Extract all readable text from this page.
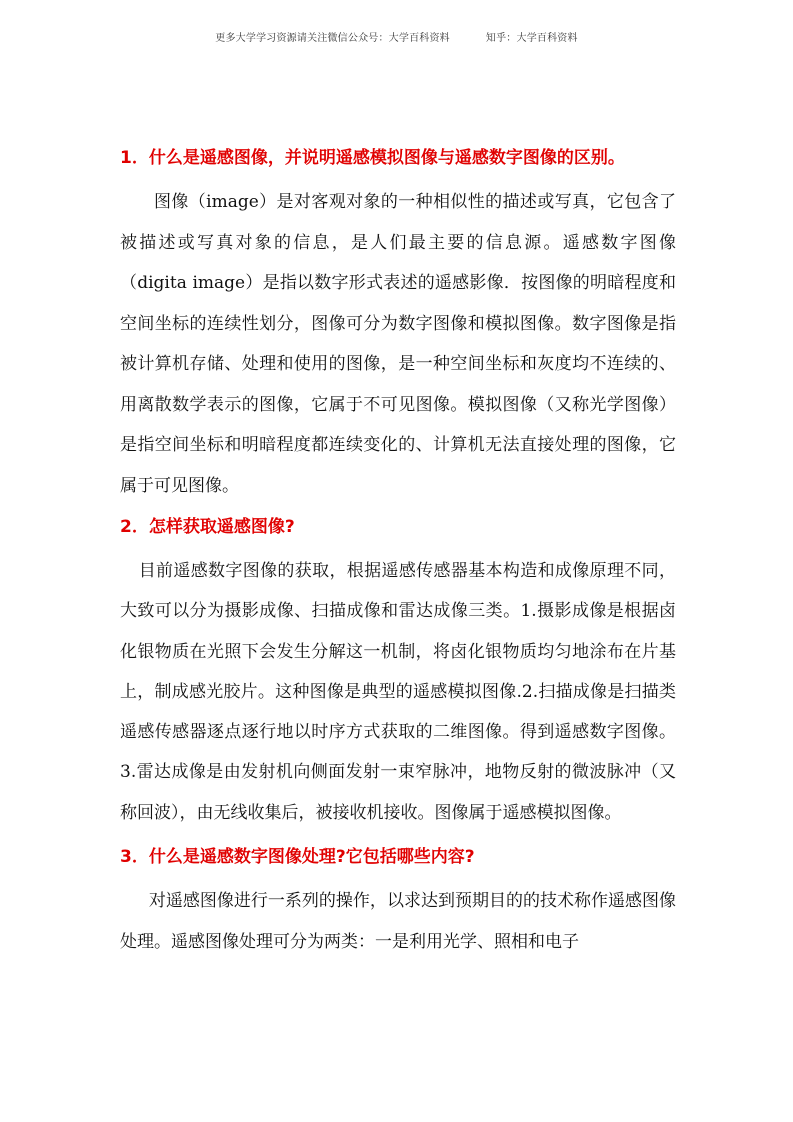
更多大学学习资源请关注微信公众号：大学百科资料	知乎：大学百科资料
1．什么是遥感图像，并说明遥感模拟图像与遥感数字图像的区别。

图像（image）是对客观对象的一种相似性的描述或写真，它包含了被描述或写真对象的信息，是人们最主要的信息源。遥感数字图像（digita image）是指以数字形式表述的遥感影像．按图像的明暗程度和空间坐标的连续性划分，图像可分为数字图像和模拟图像。数字图像是指被计算机存储、处理和使用的图像，是一种空间坐标和灰度均不连续的、用离散数学表示的图像，它属于不可见图像。模拟图像（又称光学图像）是指空间坐标和明暗程度都连续变化的、计算机无法直接处理的图像，它属于可见图像。

2．怎样获取遥感图像?

目前遥感数字图像的获取，根据遥感传感器基本构造和成像原理不同，大致可以分为摄影成像、扫描成像和雷达成像三类。1.摄影成像是根据卤化银物质在光照下会发生分解这一机制，将卤化银物质均匀地涂布在片基上，制成感光胶片。这种图像是典型的遥感模拟图像.2.扫描成像是扫描类遥感传感器逐点逐行地以时序方式获取的二维图像。得到遥感数字图像。3.雷达成像是由发射机向侧面发射一束窄脉冲，地物反射的微波脉冲（又称回波），由无线收集后，被接收机接收。图像属于遥感模拟图像。

3．什么是遥感数字图像处理?它包括哪些内容?

对遥感图像进行一系列的操作，以求达到预期目的的技术称作遥感图像处理。遥感图像处理可分为两类：一是利用光学、照相和电子
